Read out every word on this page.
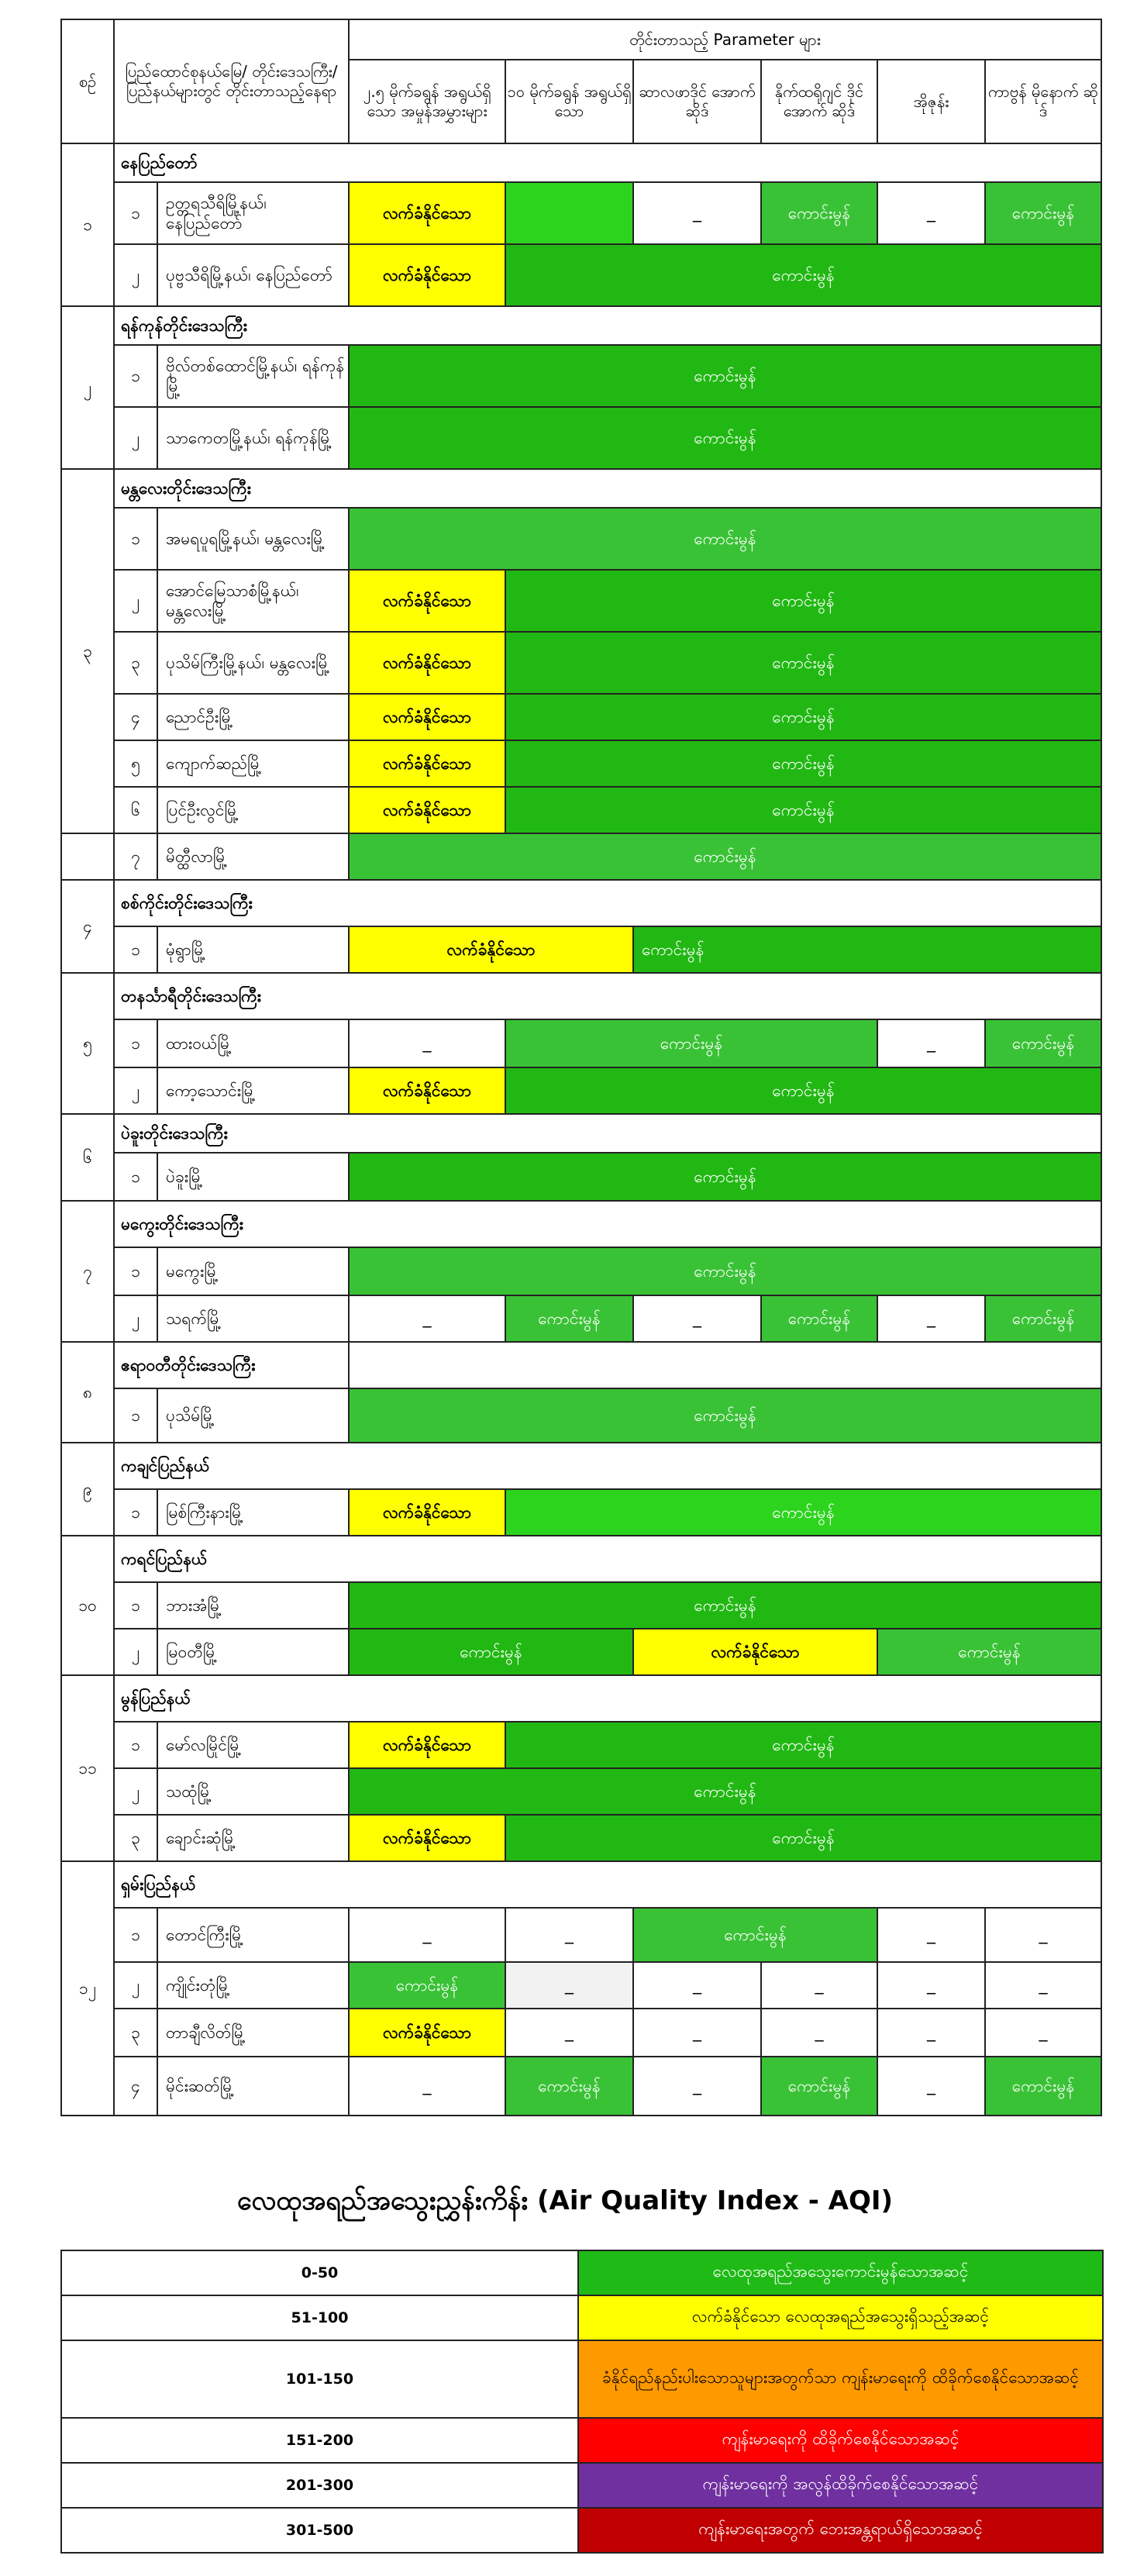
စဉ်	ပြည်ထောင်စုနယ်မြေ/ တိုင်းဒေသကြီး/ ပြည်နယ်များတွင် တိုင်းတာသည့်နေရာ		တိုင်းတာသည့် Parameter များ					
			၂.၅ မိုက်ခရွန် အရွယ်ရှိသော အမှုန်အမွှားများ	၁၀ မိုက်ခရွန် အရွယ်ရှိသော	ဆာလဖာဒိုင် အောက်ဆိုဒ်	နိုက်ထရိုဂျင် ဒိုင်အောက် ဆိုဒ်	အိုဇုန်း	ကာဗွန် မိုနောက် ဆိုဒ်
၁	နေပြည်တော်							
	၁	ဥတ္တရသီရိမြို့နယ်၊ နေပြည်တော်	လက်ခံနိုင်သော		_	ကောင်းမွန်	_	ကောင်းမွန်
	၂	ပုဗ္ဗသီရိမြို့နယ်၊ နေပြည်တော်	လက်ခံနိုင်သော	ကောင်းမွန်				
၂	ရန်ကုန်တိုင်းဒေသကြီး							
	၁	ဗိုလ်တစ်ထောင်မြို့နယ်၊ ရန်ကုန်မြို့	ကောင်းမွန်					
	၂	သာကေတမြို့နယ်၊ ရန်ကုန်မြို့	ကောင်းမွန်					
၃	မန္တလေးတိုင်းဒေသကြီး							
	၁	အမရပူရမြို့နယ်၊ မန္တလေးမြို့	ကောင်းမွန်					
	၂	အောင်မြေသာစံမြို့နယ်၊ မန္တလေးမြို့	လက်ခံနိုင်သော	ကောင်းမွန်				
	၃	ပုသိမ်ကြီးမြို့နယ်၊ မန္တလေးမြို့	လက်ခံနိုင်သော	ကောင်းမွန်				
	၄	ညောင်ဦးမြို့	လက်ခံနိုင်သော	ကောင်းမွန်				
	၅	ကျောက်ဆည်မြို့	လက်ခံနိုင်သော	ကောင်းမွန်				
	၆	ပြင်ဦးလွင်မြို့	လက်ခံနိုင်သော	ကောင်းမွန်				
	၇	မိတ္ထီလာမြို့	ကောင်းမွန်					
၄	စစ်ကိုင်းတိုင်းဒေသကြီး							
	၁	မုံရွာမြို့	လက်ခံနိုင်သော		ကောင်းမွန်			
၅	တနင်္သာရီတိုင်းဒေသကြီး							
	၁	ထားဝယ်မြို့	_	ကောင်းမွန်			_	ကောင်းမွန်
	၂	ကော့သောင်းမြို့	လက်ခံနိုင်သော	ကောင်းမွန်				
၆	ပဲခူးတိုင်းဒေသကြီး							
	၁	ပဲခူးမြို့	ကောင်းမွန်					
၇	မကွေးတိုင်းဒေသကြီး							
	၁	မကွေးမြို့	ကောင်းမွန်					
	၂	သရက်မြို့	_	ကောင်းမွန်	_	ကောင်းမွန်	_	ကောင်းမွန်
၈	ဧရာဝတီတိုင်းဒေသကြီး							
	၁	ပုသိမ်မြို့	ကောင်းမွန်					
၉	ကချင်ပြည်နယ်							
	၁	မြစ်ကြီးနားမြို့	လက်ခံနိုင်သော	ကောင်းမွန်				
၁၀	ကရင်ပြည်နယ်							
	၁	ဘားအံမြို့	ကောင်းမွန်					
	၂	မြဝတီမြို့	ကောင်းမွန်		လက်ခံနိုင်သော		ကောင်းမွန်	
၁၁	မွန်ပြည်နယ်							
	၁	မော်လမြိုင်မြို့	လက်ခံနိုင်သော	ကောင်းမွန်				
	၂	သထုံမြို့	ကောင်းမွန်					
	၃	ချောင်းဆုံမြို့	လက်ခံနိုင်သော	ကောင်းမွန်				
၁၂	ရှမ်းပြည်နယ်							
	၁	တောင်ကြီးမြို့	_	_	ကောင်းမွန်		_	_
	၂	ကျိုင်းတုံမြို့	ကောင်းမွန်	_	_	_	_	_
	၃	တာချီလိတ်မြို့	လက်ခံနိုင်သော	_	_	_	_	_
	၄	မိုင်းဆတ်မြို့	_	ကောင်းမွန်	_	ကောင်းမွန်	_	ကောင်းမွန်
လေထုအရည်အသွေးညွှန်းကိန်း (Air Quality Index - AQI)
0-50	လေထုအရည်အသွေးကောင်းမွန်သောအဆင့်
51-100	လက်ခံနိုင်သော လေထုအရည်အသွေးရှိသည့်အဆင့်
101-150	ခံနိုင်ရည်နည်းပါးသောသူများအတွက်သာ ကျန်းမာရေးကို ထိခိုက်စေနိုင်သောအဆင့်
151-200	ကျန်းမာရေးကို ထိခိုက်စေနိုင်သောအဆင့်
201-300	ကျန်းမာရေးကို အလွန်ထိခိုက်စေနိုင်သောအဆင့်
301-500	ကျန်းမာရေးအတွက် ဘေးအန္တရာယ်ရှိသောအဆင့်
